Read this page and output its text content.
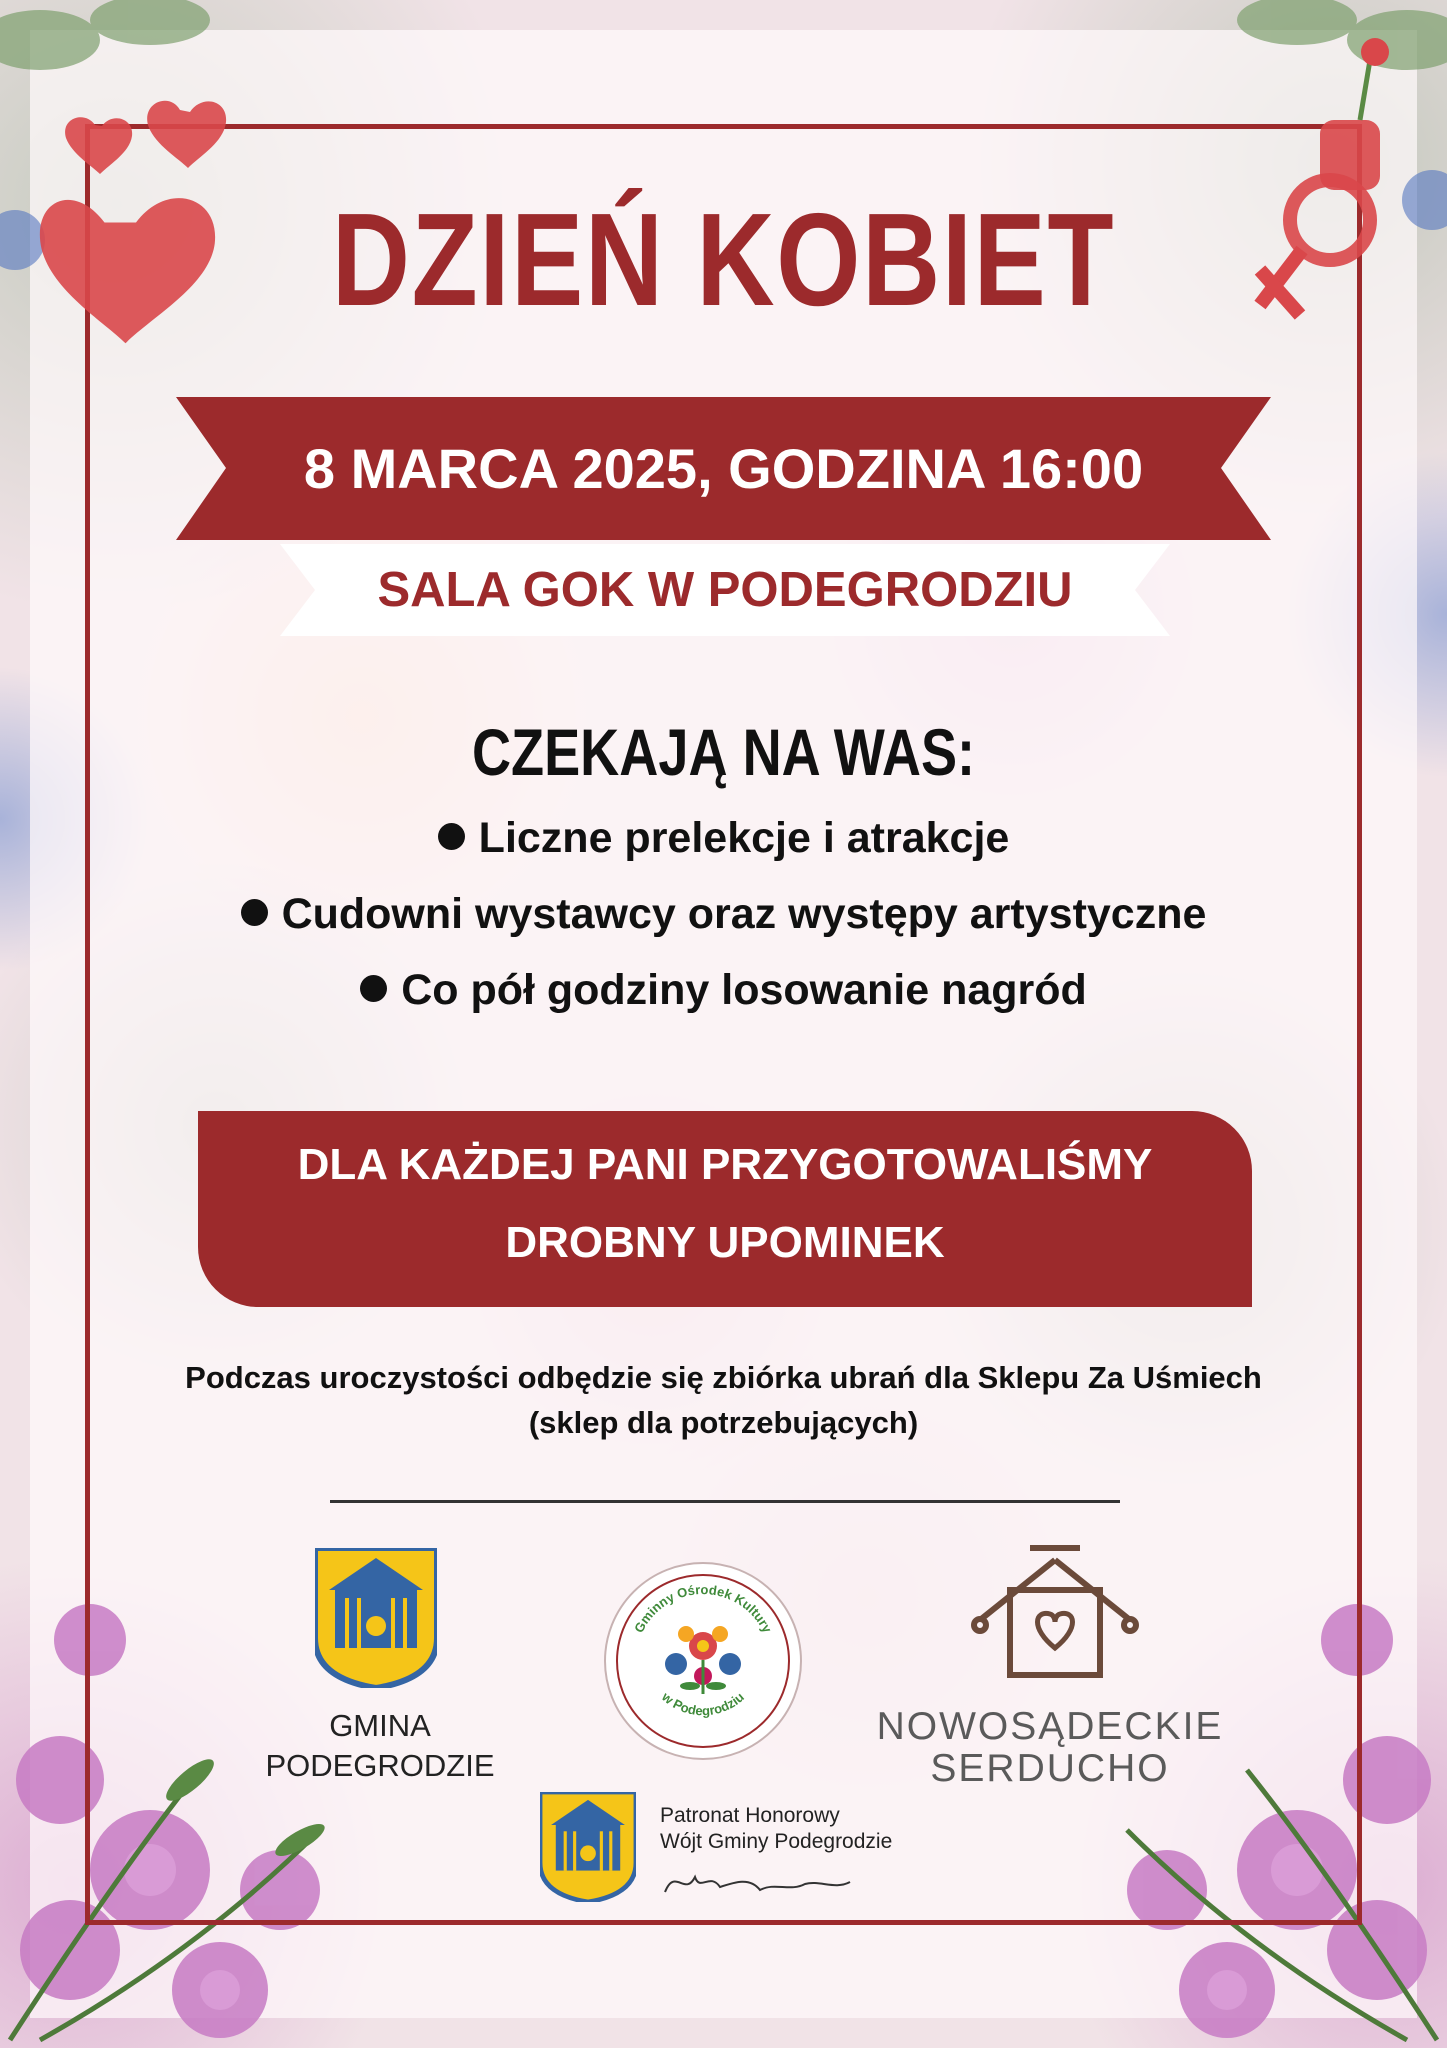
DZIEŃ KOBIET
8 MARCA 2025, GODZINA 16:00
SALA GOK W PODEGRODZIU
CZEKAJĄ NA WAS:
Liczne prelekcje i atrakcje
Cudowni wystawcy oraz występy artystyczne
Co pół godziny losowanie nagród
DLA KAŻDEJ PANI PRZYGOTOWALIŚMY
DROBNY UPOMINEK
Podczas uroczystości odbędzie się zbiórka ubrań dla Sklepu Za Uśmiech
(sklep dla potrzebujących)
GMINA
PODEGRODZIE
Gminny Ośrodek Kultury
w Podegrodziu
NOWOSĄDECKIE
SERDUCHO
Patronat Honorowy
Wójt Gminy Podegrodzie
